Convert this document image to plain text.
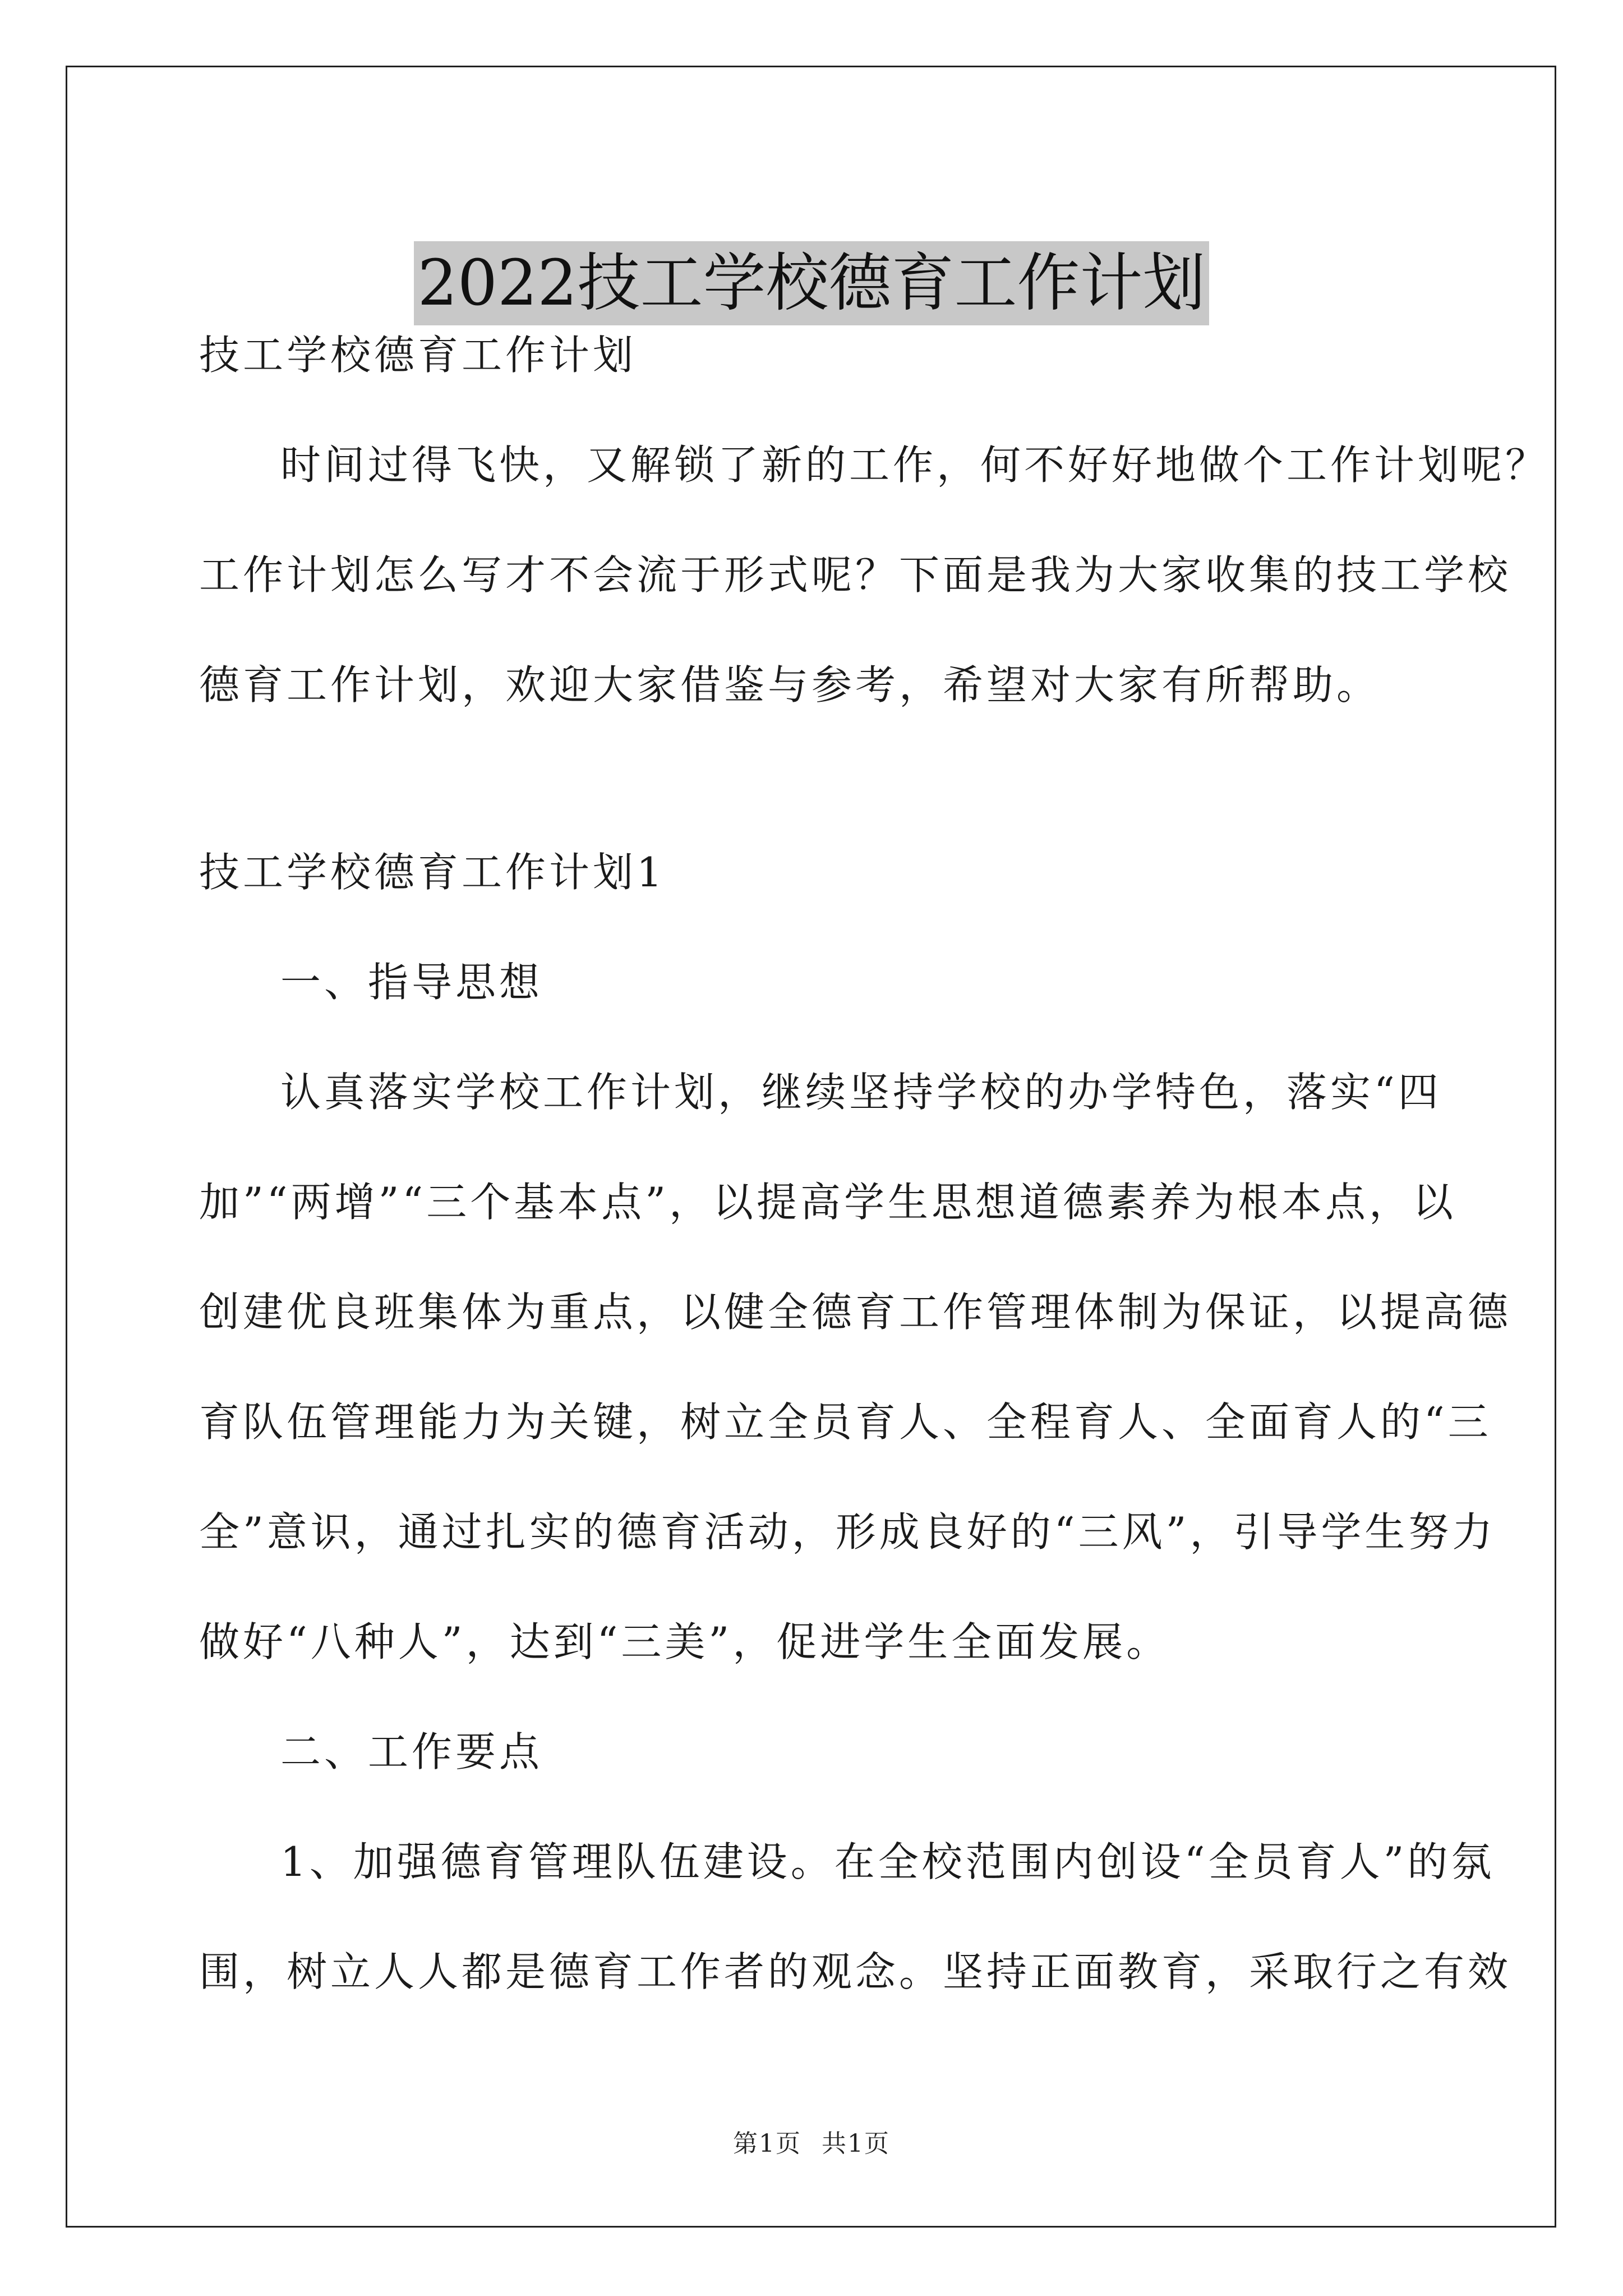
2022技工学校德育工作计划
技工学校德育工作计划
时间过得飞快，又解锁了新的工作，何不好好地做个工作计划呢？
工作计划怎么写才不会流于形式呢？下面是我为大家收集的技工学校
德育工作计划，欢迎大家借鉴与参考，希望对大家有所帮助。
技工学校德育工作计划1
一、指导思想
认真落实学校工作计划，继续坚持学校的办学特色，落实“四
加”“两增”“三个基本点”，以提高学生思想道德素养为根本点，以
创建优良班集体为重点，以健全德育工作管理体制为保证，以提高德
育队伍管理能力为关键，树立全员育人、全程育人、全面育人的“三
全”意识，通过扎实的德育活动，形成良好的“三风”，引导学生努力
做好“八种人”，达到“三美”，促进学生全面发展。
二、工作要点
1、加强德育管理队伍建设。在全校范围内创设“全员育人”的氛
围，树立人人都是德育工作者的观念。坚持正面教育，采取行之有效
第1页 共1页
